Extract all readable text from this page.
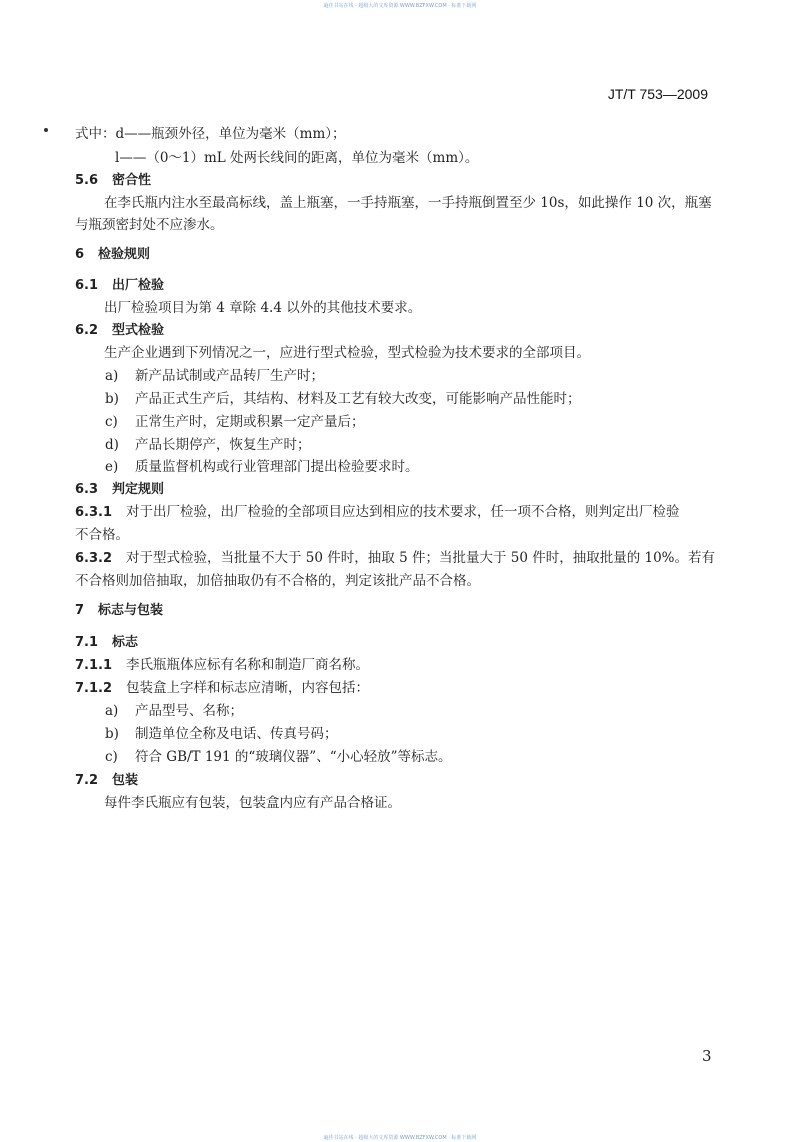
遍佳书站在线 · 超级大的文库资源 WWW.BZFXW.COM · 标准下载网
JT/T 753—2009
式中：d——瓶颈外径，单位为毫米（mm）；
l——（0～1）mL 处两长线间的距离，单位为毫米（mm）。
5.6 密合性
在李氏瓶内注水至最高标线，盖上瓶塞，一手持瓶塞，一手持瓶倒置至少 10s，如此操作 10 次，瓶塞
与瓶颈密封处不应渗水。
6 检验规则
6.1 出厂检验
出厂检验项目为第 4 章除 4.4 以外的其他技术要求。
6.2 型式检验
生产企业遇到下列情况之一，应进行型式检验，型式检验为技术要求的全部项目。
a) 新产品试制或产品转厂生产时；
b) 产品正式生产后，其结构、材料及工艺有较大改变，可能影响产品性能时；
c) 正常生产时，定期或积累一定产量后；
d) 产品长期停产，恢复生产时；
e) 质量监督机构或行业管理部门提出检验要求时。
6.3 判定规则
6.3.1 对于出厂检验，出厂检验的全部项目应达到相应的技术要求，任一项不合格，则判定出厂检验
不合格。
6.3.2 对于型式检验，当批量不大于 50 件时，抽取 5 件；当批量大于 50 件时，抽取批量的 10%。若有
不合格则加倍抽取，加倍抽取仍有不合格的，判定该批产品不合格。
7 标志与包装
7.1 标志
7.1.1 李氏瓶瓶体应标有名称和制造厂商名称。
7.1.2 包装盒上字样和标志应清晰，内容包括：
a) 产品型号、名称；
b) 制造单位全称及电话、传真号码；
c) 符合 GB/T 191 的“玻璃仪器”、“小心轻放”等标志。
7.2 包装
每件李氏瓶应有包装，包装盒内应有产品合格证。
3
遍佳书站在线 · 超级大的文库资源 WWW.BZFXW.COM · 标准下载网
